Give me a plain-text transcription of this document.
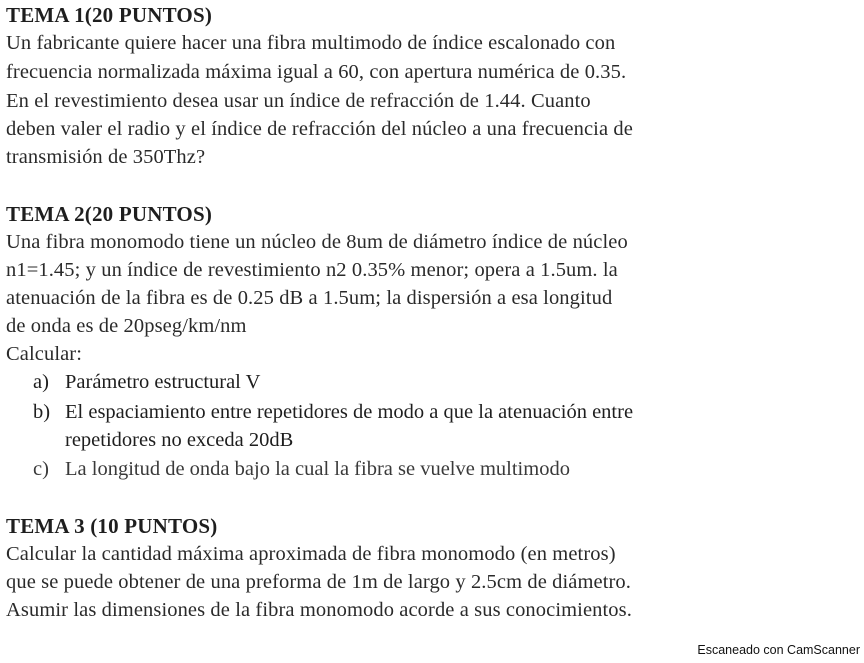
TEMA 1(20 PUNTOS)
Un fabricante quiere hacer una fibra multimodo de índice escalonado con
frecuencia normalizada máxima igual a 60, con apertura numérica de 0.35.
En el revestimiento desea usar un índice de refracción de 1.44. Cuanto
deben valer el radio y el índice de refracción del núcleo a una frecuencia de
transmisión de 350Thz?
TEMA 2(20 PUNTOS)
Una fibra monomodo tiene un núcleo de 8um de diámetro índice de núcleo
n1=1.45; y un índice de revestimiento n2 0.35% menor; opera a 1.5um. la
atenuación de la fibra es de 0.25 dB a 1.5um; la dispersión a esa longitud
de onda es de 20pseg/km/nm
Calcular:
a) Parámetro estructural V
b) El espaciamiento entre repetidores de modo a que la atenuación entre
repetidores no exceda 20dB
c) La longitud de onda bajo la cual la fibra se vuelve multimodo
TEMA 3 (10 PUNTOS)
Calcular la cantidad máxima aproximada de fibra monomodo (en metros)
que se puede obtener de una preforma de 1m de largo y 2.5cm de diámetro.
Asumir las dimensiones de la fibra monomodo acorde a sus conocimientos.
Escaneado con CamScanner
